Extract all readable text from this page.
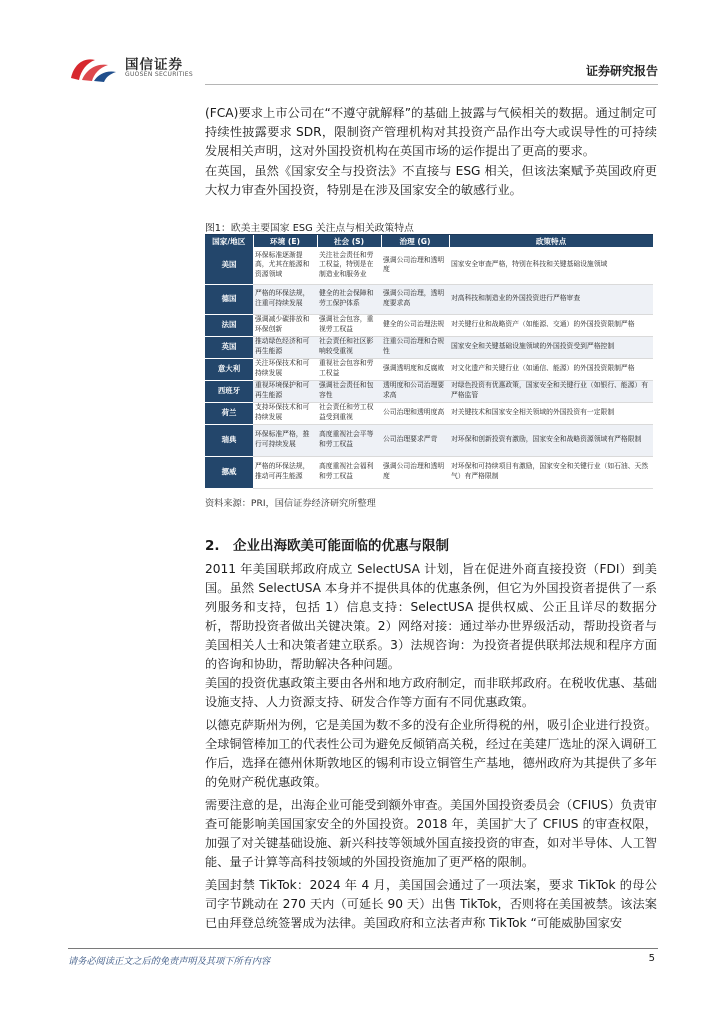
国信证券
GUOSEN SECURITIES	证券研究报告

(FCA)要求上市公司在“不遵守就解释”的基础上披露与气候相关的数据。通过制定可持续性披露要求 SDR，限制资产管理机构对其投资产品作出夸大或误导性的可持续发展相关声明，这对外国投资机构在英国市场的运作提出了更高的要求。

在英国，虽然《国家安全与投资法》不直接与 ESG 相关，但该法案赋予英国政府更大权力审查外国投资，特别是在涉及国家安全的敏感行业。

图1：欧美主要国家 ESG 关注点与相关政策特点
国家/地区	环境 (E)	社会 (S)	治理 (G)	政策特点
美国	环保标准逐渐提高，尤其在能源和资源领域	关注社会责任和劳工权益，特别是在制造业和服务业	强调公司治理和透明度	国家安全审查严格，特别在科技和关键基础设施领域
德国	严格的环保法规，注重可持续发展	健全的社会保障和劳工保护体系	强调公司治理，透明度要求高	对高科技和制造业的外国投资进行严格审查
法国	强调减少碳排放和环保创新	强调社会包容，重视劳工权益	健全的公司治理法规	对关键行业和战略资产（如能源、交通）的外国投资限制严格
英国	推动绿色经济和可再生能源	社会责任和社区影响较受重视	注重公司治理和合规性	国家安全和关键基础设施领域的外国投资受到严格控制
意大利	关注环保技术和可持续发展	重视社会包容和劳工权益	强调透明度和反腐败	对文化遗产和关键行业（如通信、能源）的外国投资限制严格
西班牙	重视环境保护和可再生能源	强调社会责任和包容性	透明度和公司治理要求高	对绿色投资有优惠政策，国家安全和关键行业（如银行、能源）有严格监管
荷兰	支持环保技术和可持续发展	社会责任和劳工权益受到重视	公司治理和透明度高	对关键技术和国家安全相关领域的外国投资有一定限制
瑞典	环保标准严格，推行可持续发展	高度重视社会平等和劳工权益	公司治理要求严苛	对环保和创新投资有激励，国家安全和战略资源领域有严格限制
挪威	严格的环保法规，推动可再生能源	高度重视社会福利和劳工权益	强调公司治理和透明度	对环保和可持续项目有激励，国家安全和关键行业（如石油、天然气）有严格限制
资料来源：PRI，国信证券经济研究所整理
2. 企业出海欧美可能面临的优惠与限制

2011 年美国联邦政府成立 SelectUSA 计划，旨在促进外商直接投资（FDI）到美国。虽然 SelectUSA 本身并不提供具体的优惠条例，但它为外国投资者提供了一系列服务和支持，包括 1）信息支持：SelectUSA 提供权威、公正且详尽的数据分析，帮助投资者做出关键决策。2）网络对接：通过举办世界级活动，帮助投资者与美国相关人士和决策者建立联系。3）法规咨询：为投资者提供联邦法规和程序方面的咨询和协助，帮助解决各种问题。

美国的投资优惠政策主要由各州和地方政府制定，而非联邦政府。在税收优惠、基础设施支持、人力资源支持、研发合作等方面有不同优惠政策。

以德克萨斯州为例，它是美国为数不多的没有企业所得税的州，吸引企业进行投资。全球铜管棒加工的代表性公司为避免反倾销高关税，经过在美建厂选址的深入调研工作后，选择在德州休斯敦地区的锡利市设立铜管生产基地，德州政府为其提供了多年的免财产税优惠政策。

需要注意的是，出海企业可能受到额外审查。美国外国投资委员会（CFIUS）负责审查可能影响美国国家安全的外国投资。2018 年，美国扩大了 CFIUS 的审查权限，加强了对关键基础设施、新兴科技等领域外国直接投资的审查，如对半导体、人工智能、量子计算等高科技领域的外国投资施加了更严格的限制。

美国封禁 TikTok：2024 年 4 月，美国国会通过了一项法案，要求 TikTok 的母公司字节跳动在 270 天内（可延长 90 天）出售 TikTok，否则将在美国被禁。该法案已由拜登总统签署成为法律。美国政府和立法者声称 TikTok “可能威胁国家安

请务必阅读正文之后的免责声明及其项下所有内容	5
